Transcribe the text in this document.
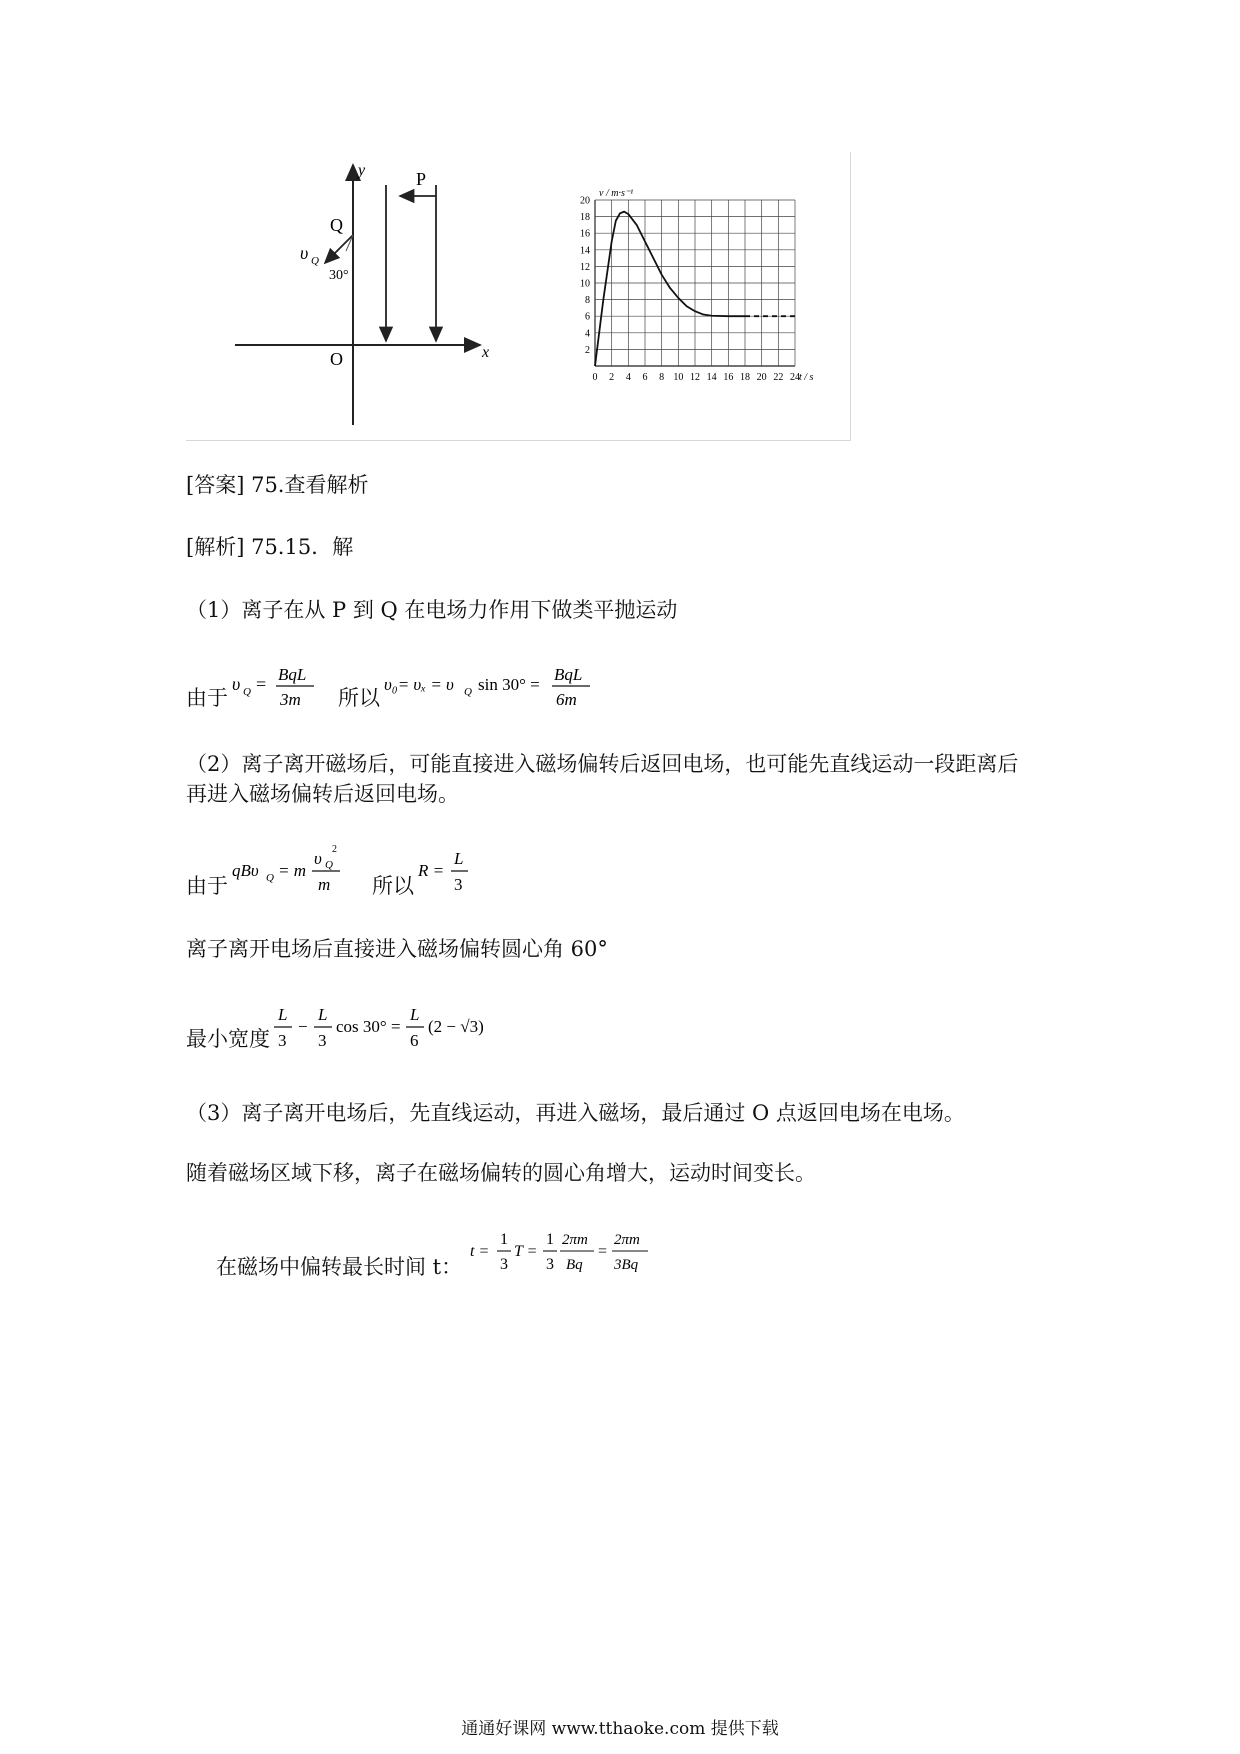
y
x
O
Q
P
υ Q
30°
0 2 4 6 8 10 12 14 16 18 20 22 24
2
4
6
8
10
12
14
16
18
20
v / m·s⁻¹
t / s
[答案] 75.查看解析
[解析] 75.15．解
（1）离子在从 P 到 Q 在电场力作用下做类平抛运动
由于
υ Q = BqL
3m 所以
υ₀= υₓ = υ Q sin 30° =
BqL
6m
（2）离子离开磁场后，可能直接进入磁场偏转后返回电场，也可能先直线运动一段距离后
再进入磁场偏转后返回电场。
由于
qBυ Q = m
υ Q
2
m 所以
R =
L
3
离子离开电场后直接进入磁场偏转圆心角 60°
最小宽度
L
3
−
L
3
cos 30° =
L
6
(2 − √3)
（3）离子离开电场后，先直线运动，再进入磁场，最后通过 O 点返回电场在电场。
随着磁场区域下移，离子在磁场偏转的圆心角增大，运动时间变长。
在磁场中偏转最长时间 t：
t =
1
3
T =
1
3
2πm
Bq
=
2πm
3Bq
通通好课网 www.tthaoke.com 提供下载
